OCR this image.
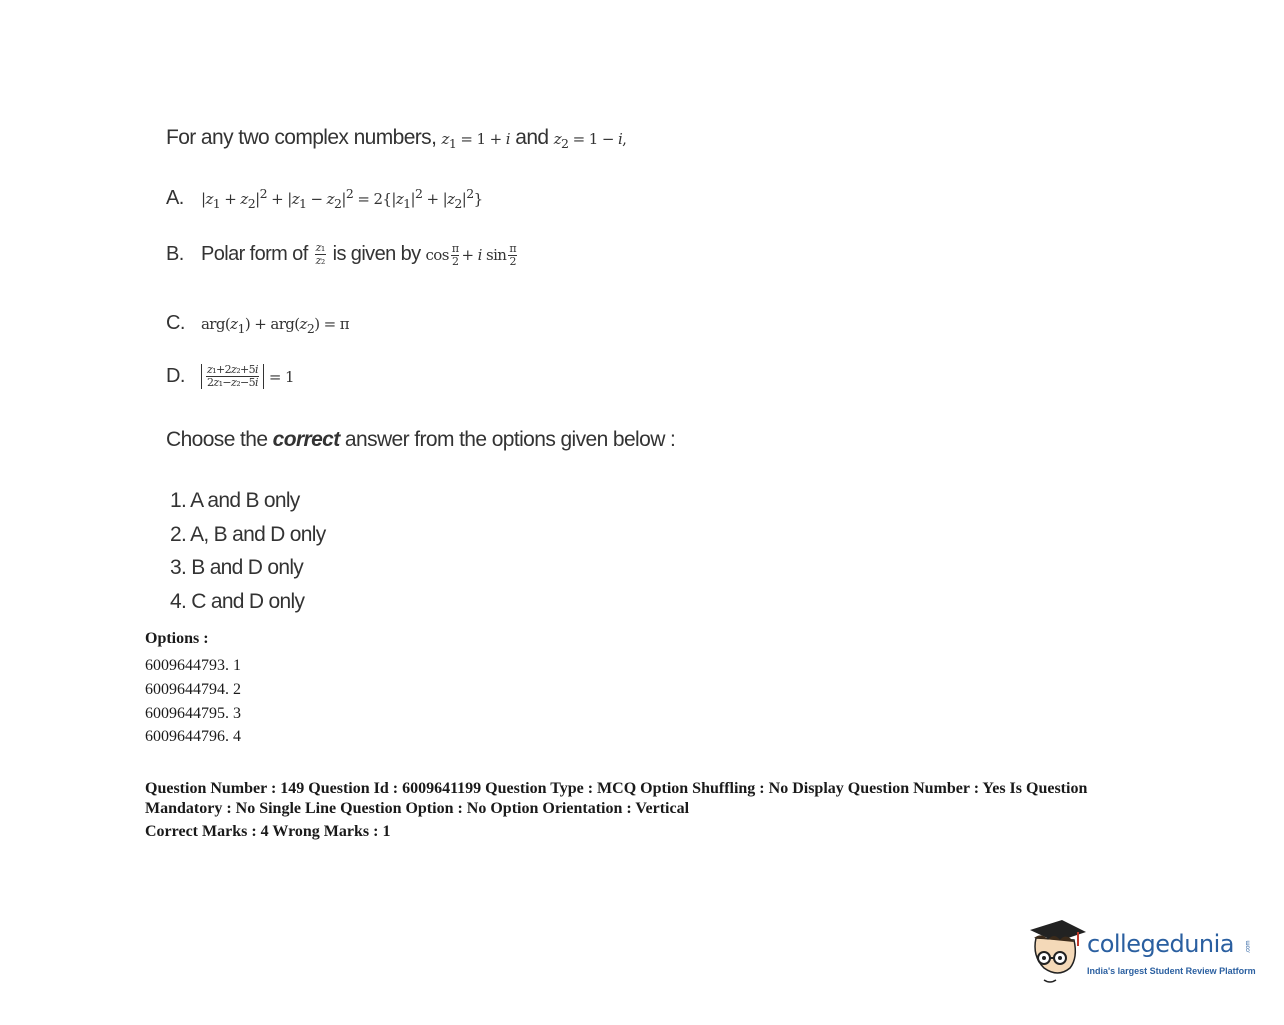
For any two complex numbers, $z_1 = 1 + i$ and $z_2 = 1 - i$,
A. $|z_1 + z_2|^2 + |z_1 - z_2|^2 = 2\{|z_1|^2 + |z_2|^2\}$
B. Polar form of $\frac{\text{z₁}}{\text{z₂}}$ is given by $\cos \frac{\pi}{2} + i$ $\sin \frac{\pi}{2}$
C. $arg(z_1) + arg(z_2) = \pi$
D. $\frac{\text{z₁+2z₂+5i}}{\text{2z₁−z₂−5i}} = 1$
Choose the correct answer from the options given below :
1. A and B only
2. A, B and D only
3. B and D only
4. C and D only
Options :
6009644793. 1
6009644794. 2
6009644795. 3
6009644796. 4
Question Number : 149 Question Id : 6009641199 Question Type : MCQ Option Shuffling : No Display Question Number : Yes Is Question Mandatory : No Single Line Question Option : No Option Orientation : Vertical
Correct Marks : 4 Wrong Marks : 1
collegedunia
India's largest Student Review Platform
.com
